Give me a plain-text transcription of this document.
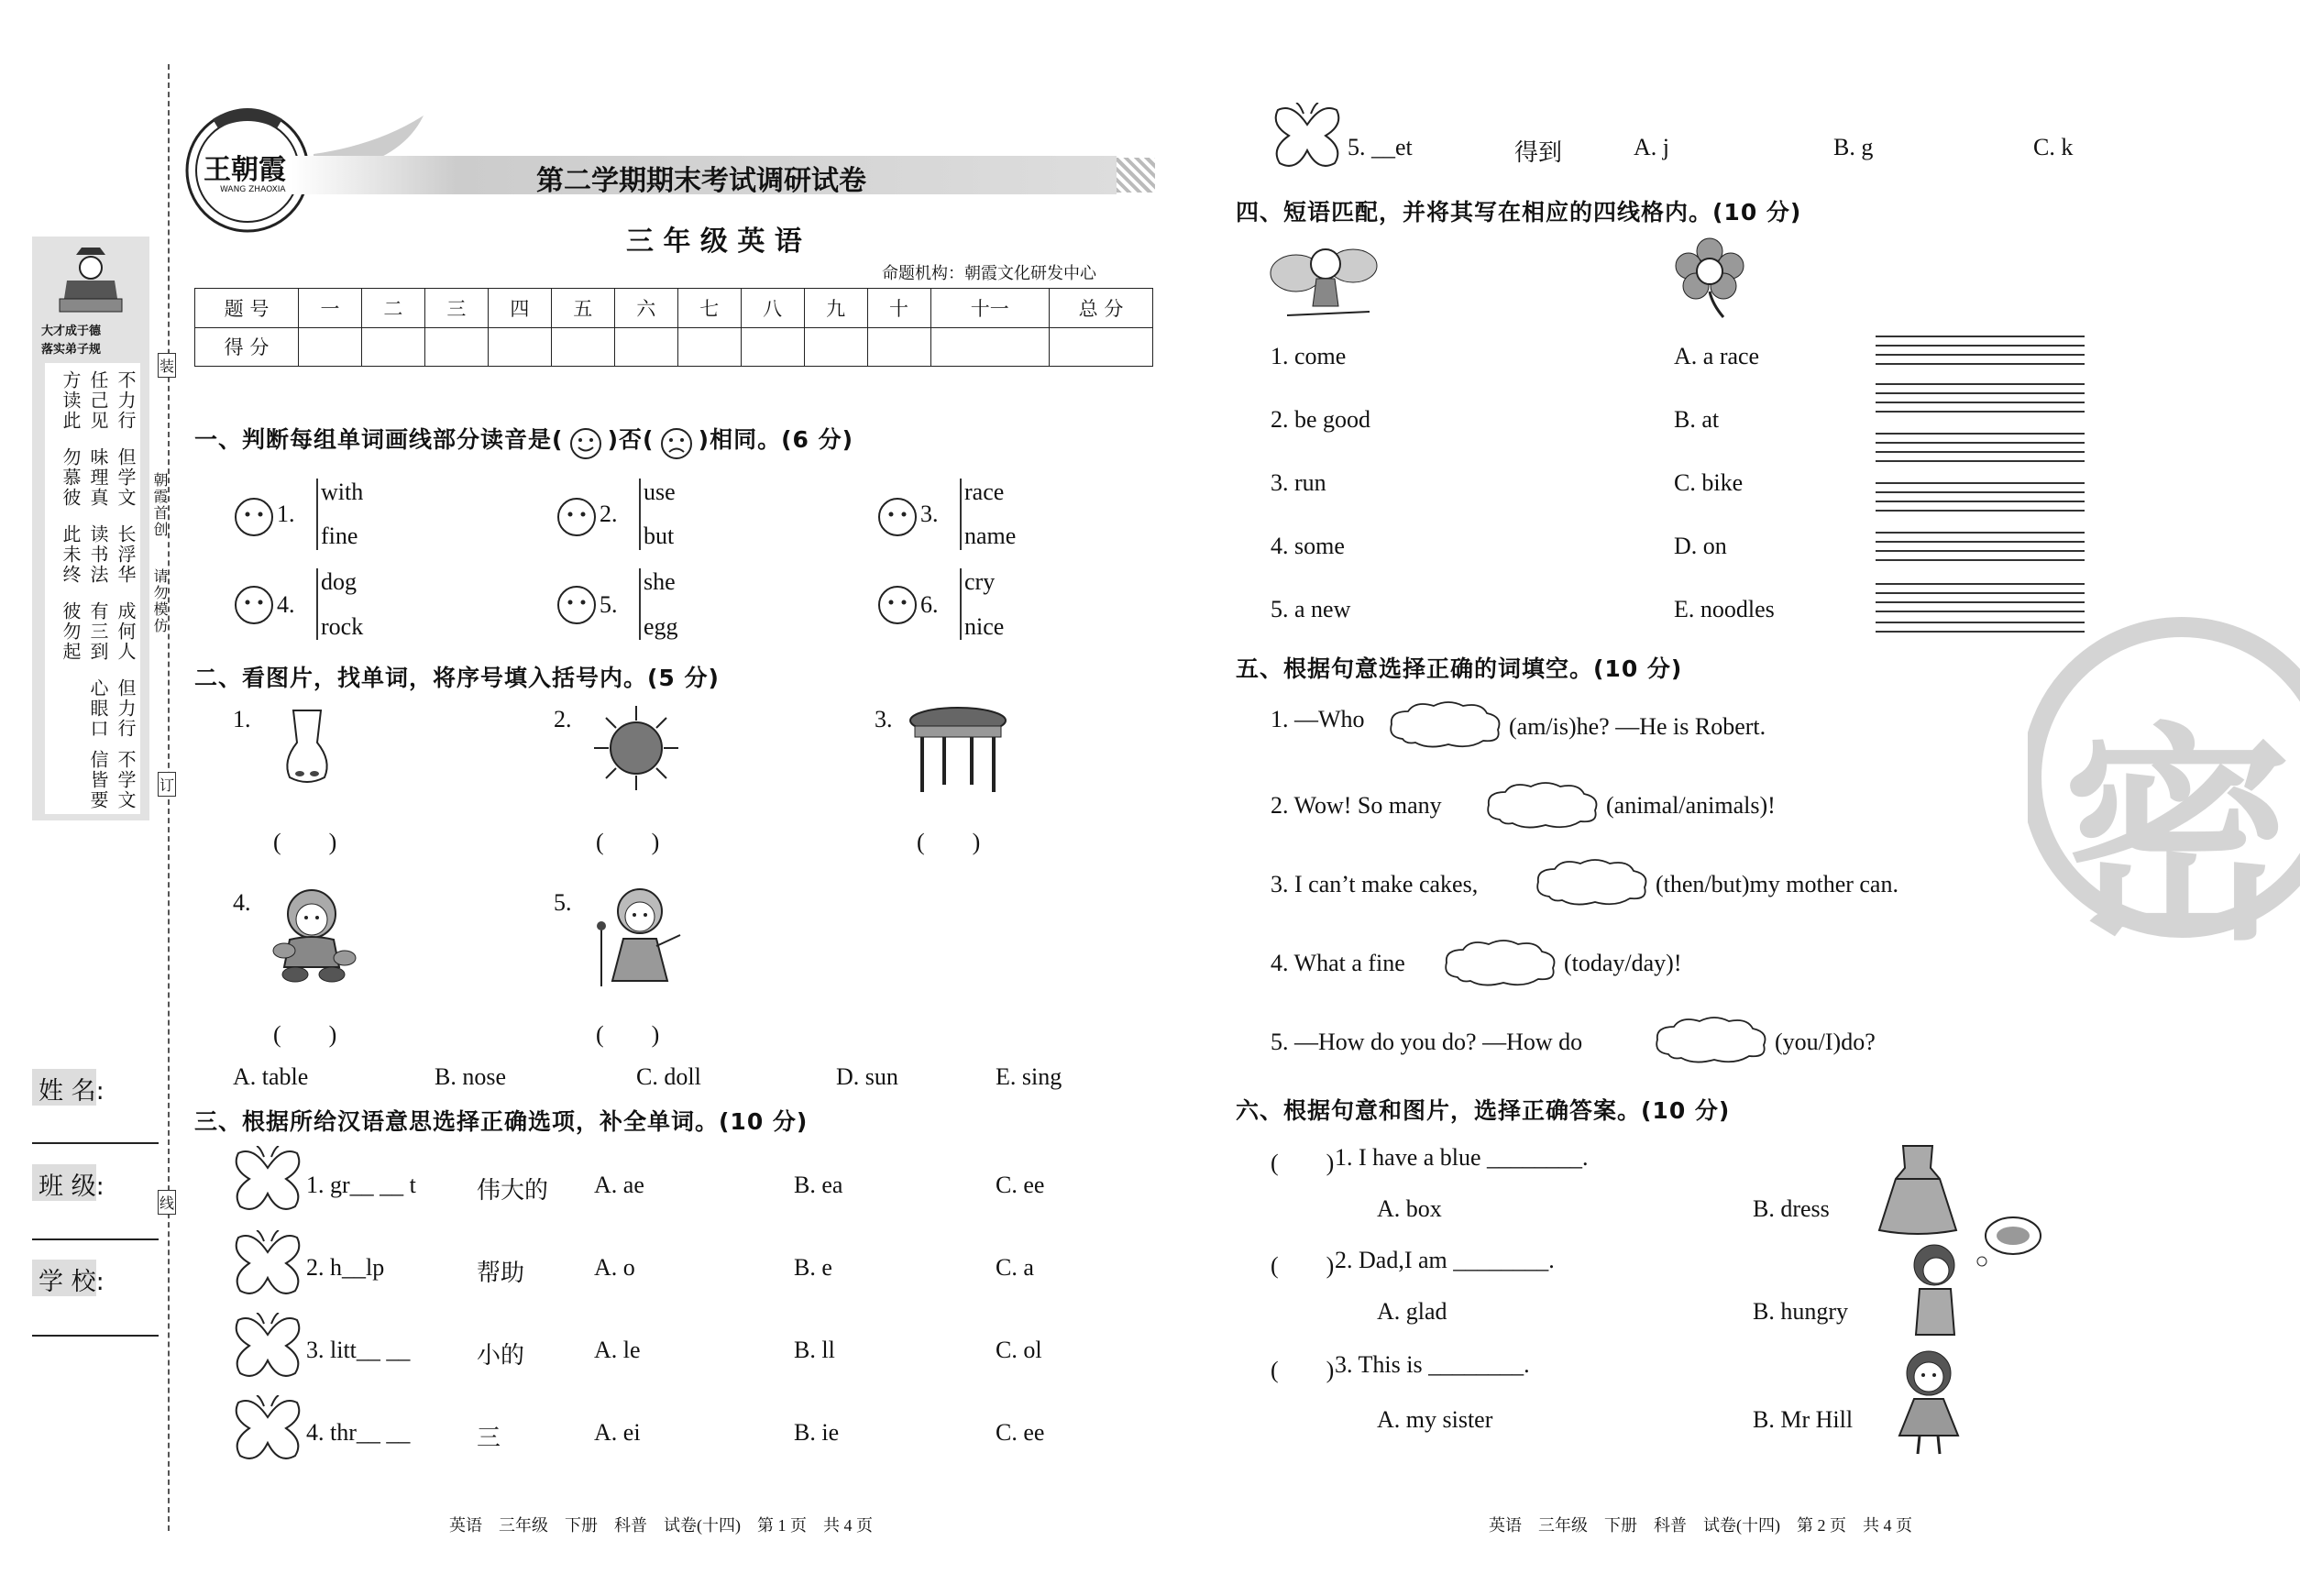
大才成于德
落实弟子规
方读此 任己见 不力行
勿慕彼 味理真 但学文
此未终 读书法 长浮华
彼勿起 有三到 成何人
心眼口 但力行
信皆要 不学文
朝霞首创
请勿模仿
装
订
线
姓 名:
班 级:
学 校:
王朝霞
WANG ZHAOXIA	第二学期期末考试调研试卷
三 年 级 英 语
命题机构：朝霞文化研发中心
题 号	一	二	三	四	五	六	七	八	九	十	十一	总 分
得 分												
一、判断每组单词画线部分读音是( )否( )相同。(6 分)
1.
with
fine
2.
use
but
3.
race
name
4.
dog
rock
5.
she
egg
6.
cry
nice
二、看图片，找单词，将序号填入括号内。(5 分)
1.
(　　)
2.
(　　)
3.
(　　)
4.
(　　)
5.
(　　)
A. table	B. nose	C. doll	D. sun	E. sing
三、根据所给汉语意思选择正确选项，补全单词。(10 分)
1. gr__ __ t	伟大的 A. ae	B. ea	C. ee
2. h__lp	帮助	A. o	B. e	C. a
3. litt__ __	小的	A. le	B. ll	C. ol
4. thr__ __	三	A. ei	B. ie	C. ee
英语　三年级　下册　科普　试卷(十四)　第 1 页　共 4 页
5. __et	得到	A. j	B. g	C. k
四、短语匹配，并将其写在相应的四线格内。(10 分)
1. come
2. be good
3. run
4. some
5. a new
A. a race
B. at
C. bike
D. on
E. noodles
密
五、根据句意选择正确的词填空。(10 分)
1. —Who	(am/is)he? —He is Robert.
2. Wow! So many	(animal/animals)!
3. I can’t make cakes,	(then/but)my mother can.
4. What a fine	(today/day)!
5. —How do you do? —How do	(you/I)do?
六、根据句意和图片，选择正确答案。(10 分)
(　　) 1. I have a blue ________.
A. box	B. dress
(　　) 2. Dad,I am ________.
A. glad	B. hungry
(　　) 3. This is ________.
A. my sister	B. Mr Hill
英语　三年级　下册　科普　试卷(十四)　第 2 页　共 4 页
